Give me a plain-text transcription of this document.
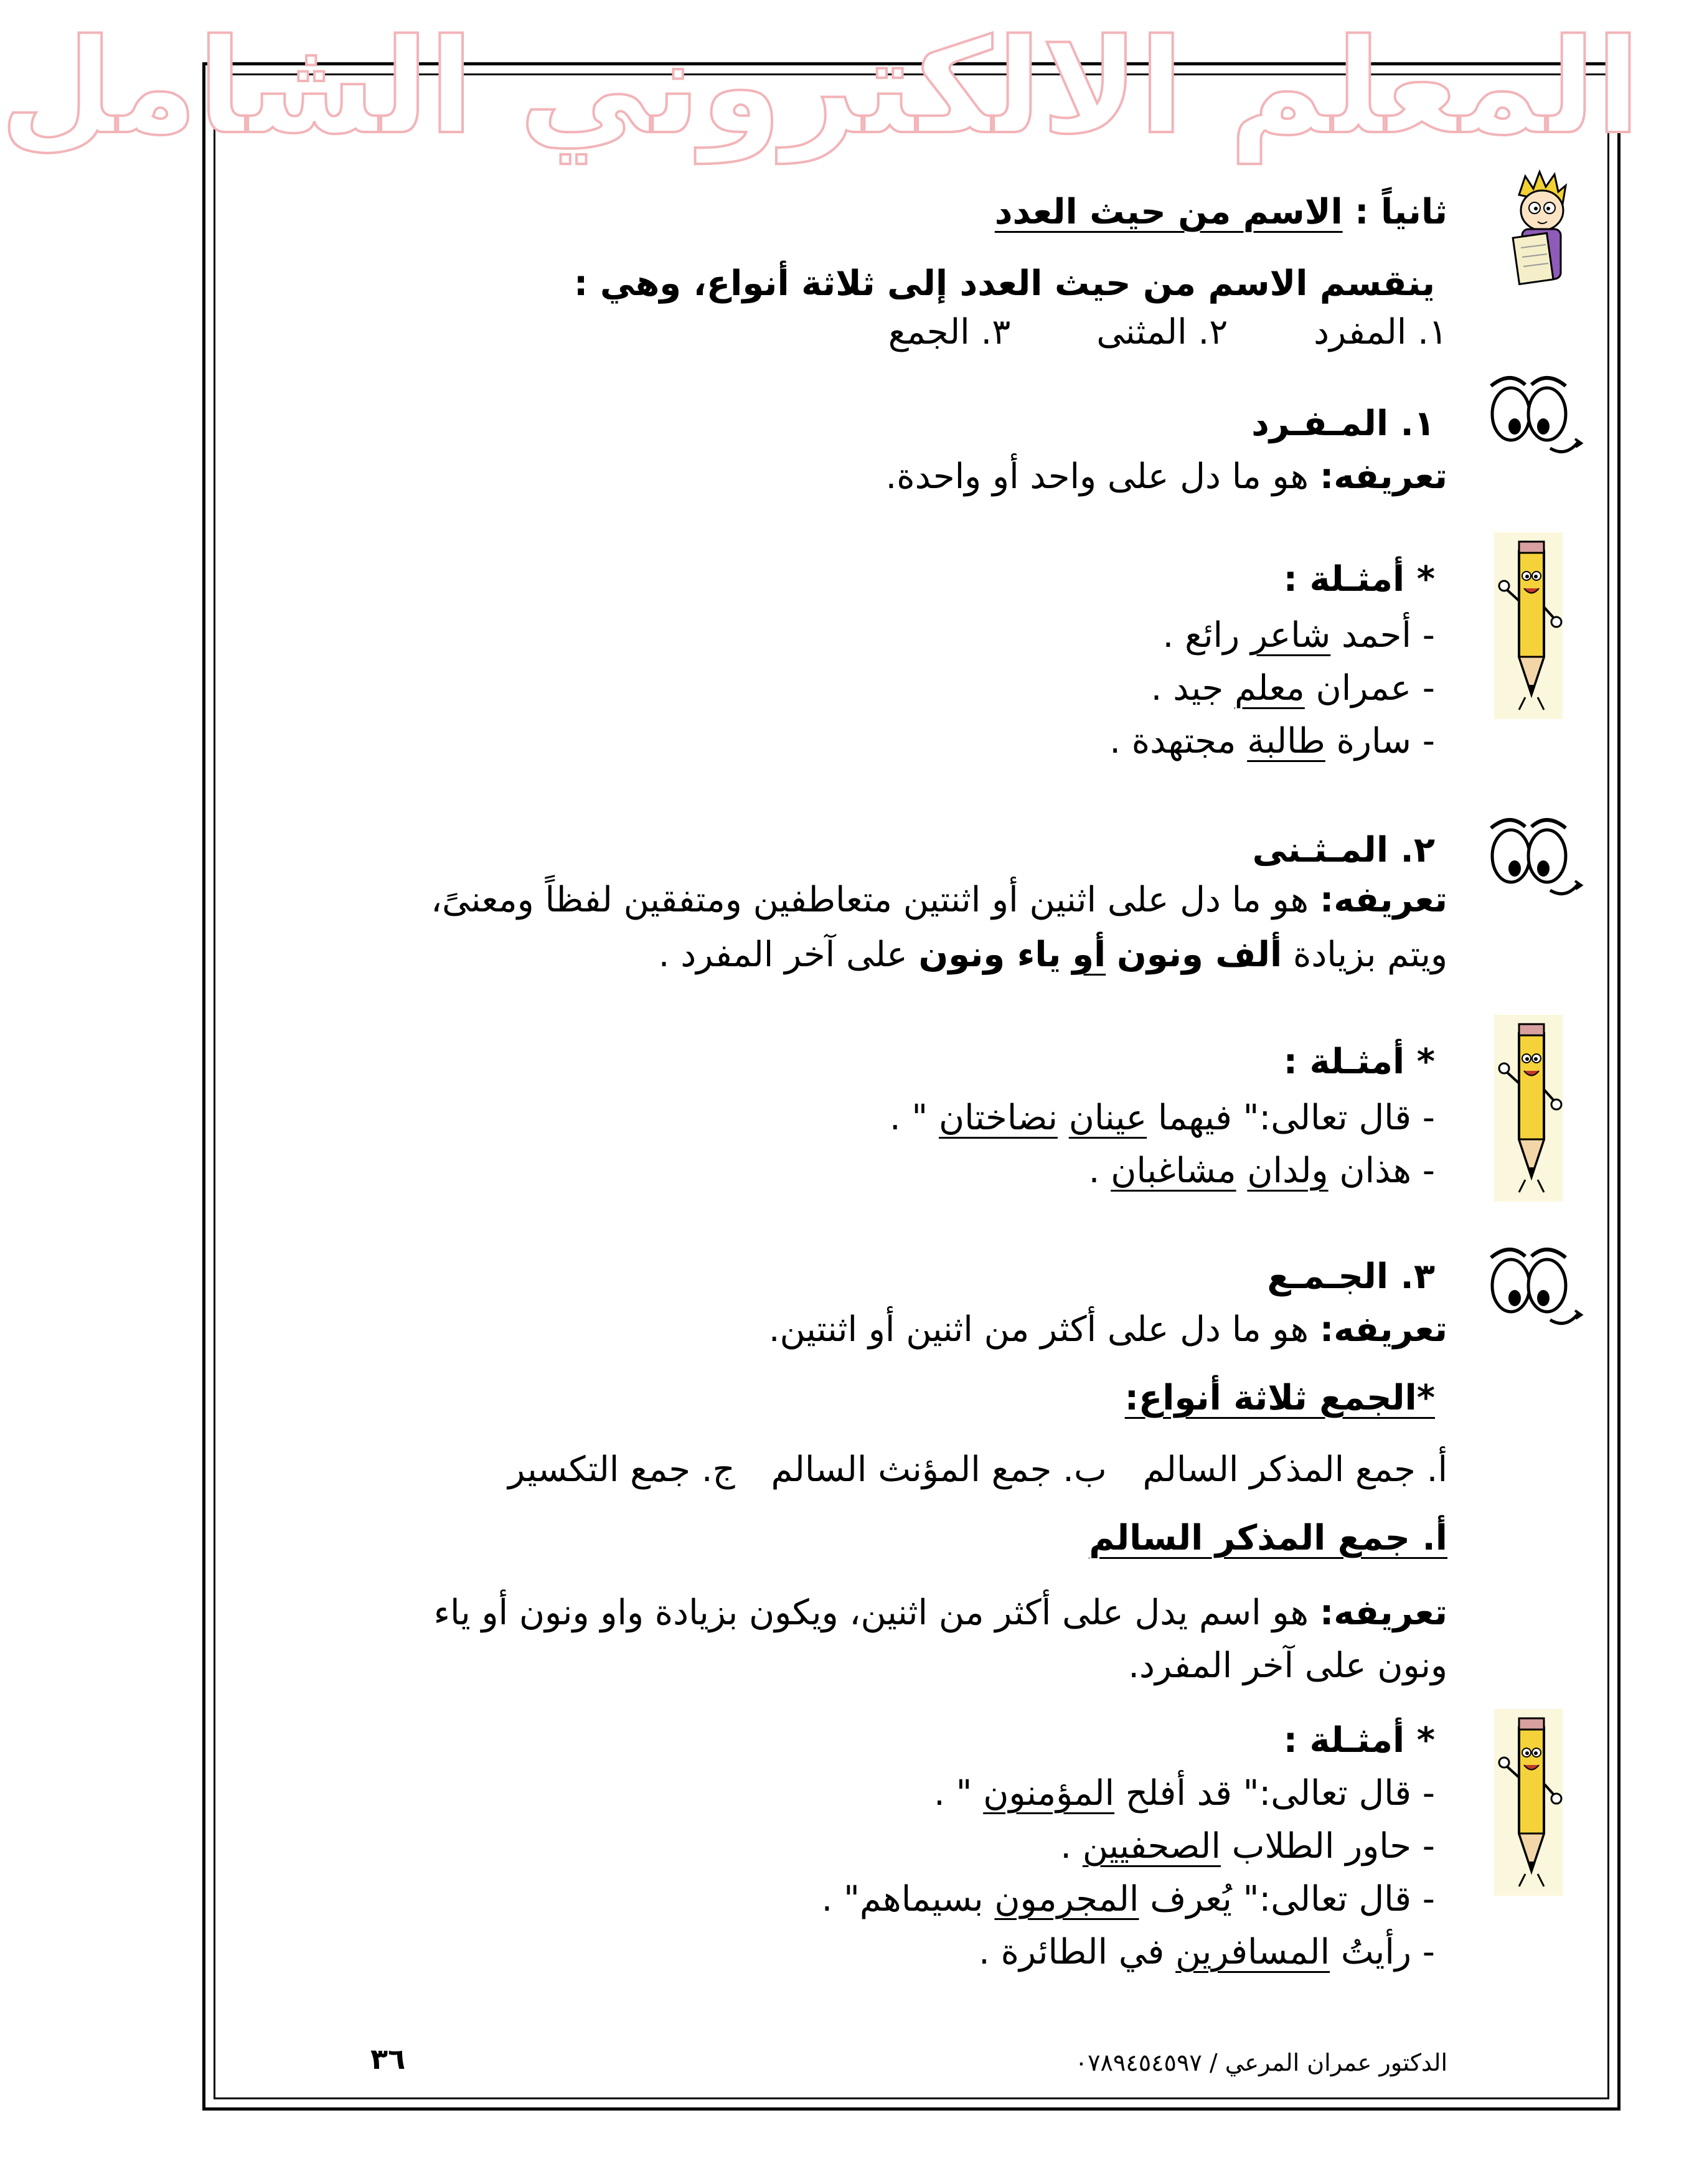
المعلم الالكتروني الشامل
ثانياً : الاسم من حيث العدد
ينقسم الاسم من حيث العدد إلى ثلاثة أنواع، وهي :
١. المفرد ٢. المثنى ٣. الجمع
١. المـفـرد
تعريفه: هو ما دل على واحد أو واحدة.
* أمثـلة :
- أحمد شاعر رائع .
- عمران معلم جيد .
- سارة طالبة مجتهدة .
٢. المـثـنى
تعريفه: هو ما دل على اثنين أو اثنتين متعاطفين ومتفقين لفظاً ومعنىً،
ويتم بزيادة ألف ونون أو ياء ونون على آخر المفرد .
* أمثـلة :
- قال تعالى:" فيهما عينان نضاختان " .
- هذان ولدان مشاغبان .
٣. الجـمـع
تعريفه: هو ما دل على أكثر من اثنين أو اثنتين.
*الجمع ثلاثة أنواع:
أ. جمع المذكر السالم ب. جمع المؤنث السالم ج. جمع التكسير
أ. جمع المذكر السالم
تعريفه: هو اسم يدل على أكثر من اثنين، ويكون بزيادة واو ونون أو ياء
ونون على آخر المفرد.
* أمثـلة :
- قال تعالى:" قد أفلح المؤمنون " .
- حاور الطلاب الصحفيين .
- قال تعالى:" يُعرف المجرمون بسيماهم" .
- رأيتُ المسافرين في الطائرة .
الدكتور عمران المرعي / ٠٧٨٩٤٥٤٥٩٧
٣٦
